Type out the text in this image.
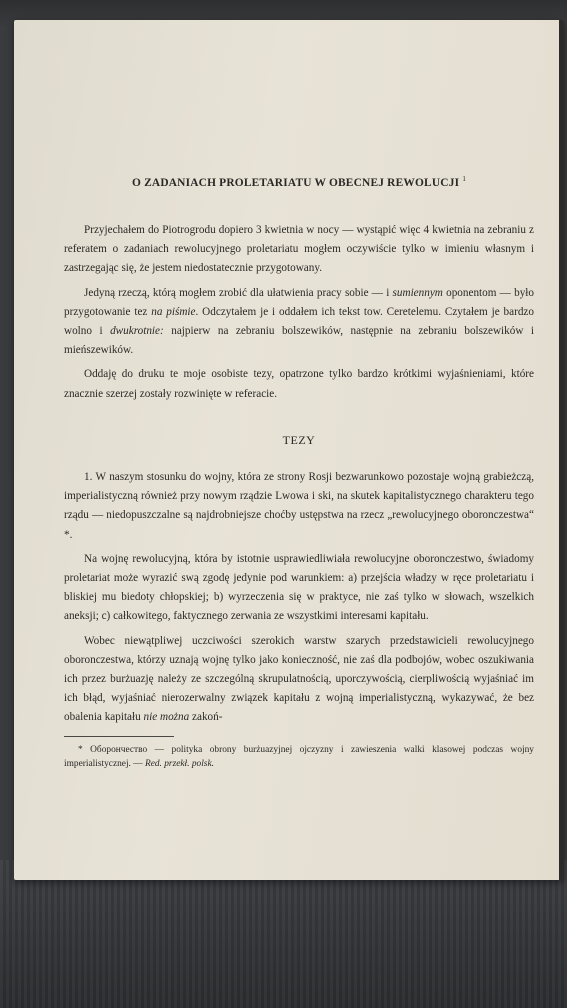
O ZADANIACH PROLETARIATU W OBECNEJ REWOLUCJI $^1$

Przyjechałem do Piotrogrodu dopiero 3 kwietnia w nocy — wystąpić więc 4 kwietnia na zebraniu z referatem o zadaniach rewolucyjnego proletariatu mogłem oczywiście tylko w imieniu własnym i zastrzegając się, że jestem niedostatecznie przygotowany.

Jedyną rzeczą, którą mogłem zrobić dla ułatwienia pracy sobie — i sumiennym oponentom — było przygotowanie tez na piśmie. Odczytałem je i oddałem ich tekst tow. Ceretelemu. Czytałem je bardzo wolno i dwukrotnie: najpierw na zebraniu bolszewików, następnie na zebraniu bolszewików i mieńszewików.

Oddaję do druku te moje osobiste tezy, opatrzone tylko bardzo krótkimi wyjaśnieniami, które znacznie szerzej zostały rozwinięte w referacie.

TEZY

1. W naszym stosunku do wojny, która ze strony Rosji bezwarunkowo pozostaje wojną grabieżczą, imperialistyczną również przy nowym rządzie Lwowa i ski, na skutek kapitalistycznego charakteru tego rządu — niedopuszczalne są najdrobniejsze choćby ustępstwa na rzecz „rewolucyjnego oboronczestwa“ *.

Na wojnę rewolucyjną, która by istotnie usprawiedliwiała rewolucyjne oboronczestwo, świadomy proletariat może wyrazić swą zgodę jedynie pod warunkiem: a) przejścia władzy w ręce proletariatu i bliskiej mu biedoty chłopskiej; b) wyrzeczenia się w praktyce, nie zaś tylko w słowach, wszelkich aneksji; c) całkowitego, faktycznego zerwania ze wszystkimi interesami kapitału.

Wobec niewątpliwej uczciwości szerokich warstw szarych przedstawicieli rewolucyjnego oboronczestwa, którzy uznają wojnę tylko jako konieczność, nie zaś dla podbojów, wobec oszukiwania ich przez burżuazję należy ze szczególną skrupulatnością, uporczywością, cierpliwością wyjaśniać im ich błąd, wyjaśniać nierozerwalny związek kapitału z wojną imperialistyczną, wykazywać, że bez obalenia kapitału nie można zakoń-

* Оборончество — polityka obrony burżuazyjnej ojczyzny i zawieszenia walki klasowej podczas wojny imperialistycznej. — Red. przekł. polsk.
